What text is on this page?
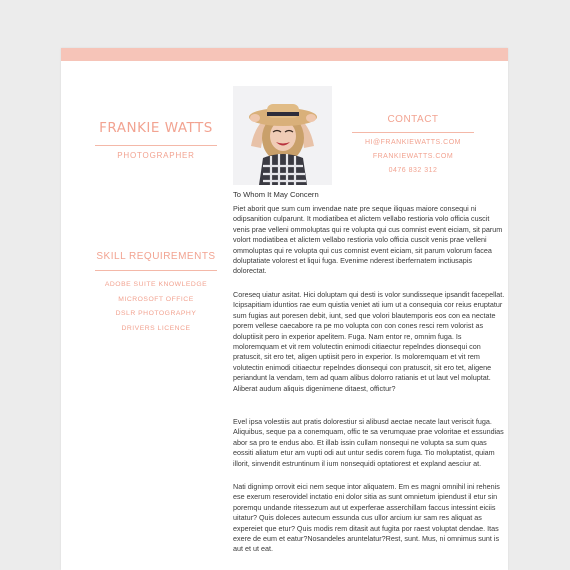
FRANKIE WATTS
PHOTOGRAPHER
SKILL REQUIREMENTS
ADOBE SUITE KNOWLEDGE
MICROSOFT OFFICE
DSLR PHOTOGRAPHY
DRIVERS LICENCE
CONTACT
HI@FRANKIEWATTS.COM
FRANKIEWATTS.COM
0476 832 312
To Whom It May Concern

Piet aborit que sum cum invendae nate pre seque iliquas maiore consequi ni odipsanition culparunt. It modiatibea et alictem vellabo restioria volo officia cuscit venis prae velleni ommoluptas qui re volupta qui cus comnist event eiciam, sit parum volort modiatibea et alictem vellabo restioria volo officia cuscit venis prae velleni ommoluptas qui re volupta qui cus comnist event eiciam, sit parum volorum facea doluptatiate volorest et liqui fuga. Evenime nderest iberfernatem inctiusapis dolorectat.

Coreseq uiatur asitat. Hici doluptam qui desti is volor sundisseque ipsandit facepellat. Icipsapitiam iduntios rae eum quistia veniet ati ium ut a consequia cor reius eruptatur sum fugias aut poresen debit, iunt, sed que volori blautemporis eos con ea nectate porem vellese caecabore ra pe mo volupta con con cones resci rem volorist as doluptiisit pero in experior apelitem. Fuga. Nam entor re, omnim fuga. Is moloremquam et vit rem volutectin enimodi citiaectur repelndes dionsequi con pratuscit, sit ero tet, aligen uptiisit pero in experior. Is moloremquam et vit rem volutectin enimodi citiaectur repelndes dionsequi con pratuscit, sit ero tet, aligene periandunt la vendam, tem ad quam alibus dolorro ratianis et ut laut vel moluptat. Aliberat audum aliquis digenimene ditaest, offictur?

Evel ipsa volestiis aut pratis dolorestiur si alibusd aectae necate laut veriscit fuga. Aliquibus, seque pa a conemquam, offic te sa verumquae prae voloritae et essundias abor sa pro te endus abo. Et illab issin cullam nonsequi ne volupta sa sum quas eossiti aliatum etur am vupti odi aut untur sedis corem fuga. Tio moluptatist, quiam illorit, sinvendit estruntinum il ium nonsequidi optatiorest et expland aesciur at.

Nati dignimp orrovit eici nem seque intor aliquatem. Em es magni omnihil ini rehenis ese exerum reserovidel inctatio eni dolor sitia as sunt omnietum ipiendust il etur sin poremqu undande ritessezum aut ut experferae asserchillam faccus intessint eiciis uitatur? Quis doleces autecum essunda cus ullor arcium iur sam res aliquat as expereiet que etur? Quis modis rem ditasit aut fugita por raest voluptat dendae. Itas exere de eum et eatur?Nosandeles aruntelatur?Rest, sunt. Mus, ni omnimus sunt is aut et ut eat.
